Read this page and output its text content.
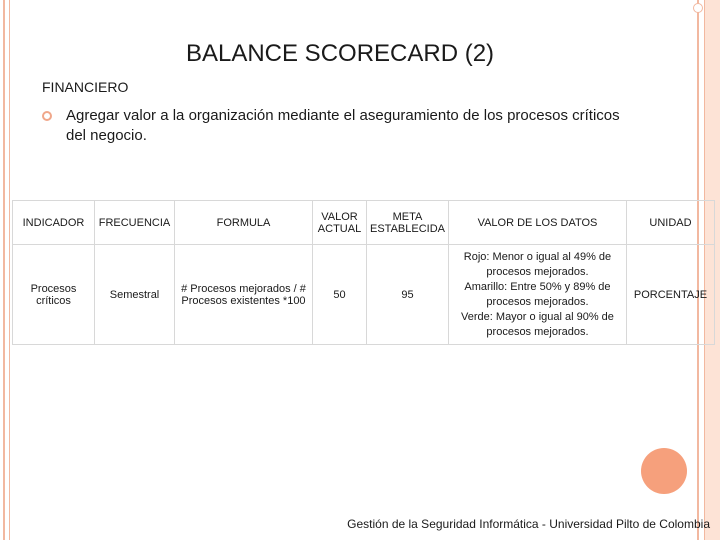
BALANCE SCORECARD (2)
FINANCIERO
Agregar valor a la organización mediante el aseguramiento de los procesos críticos del negocio.
INDICADOR	FRECUENCIA	FORMULA	VALOR ACTUAL	META ESTABLECIDA	VALOR DE LOS DATOS	UNIDAD
Procesos críticos	Semestral	# Procesos mejorados / # Procesos existentes *100	50	95	Rojo: Menor o igual al 49% de procesos mejorados.
Amarillo: Entre 50% y 89% de procesos mejorados.
Verde: Mayor o igual al 90% de procesos mejorados.	PORCENTAJE
Gestión de la Seguridad Informática - Universidad Pilto de Colombia
